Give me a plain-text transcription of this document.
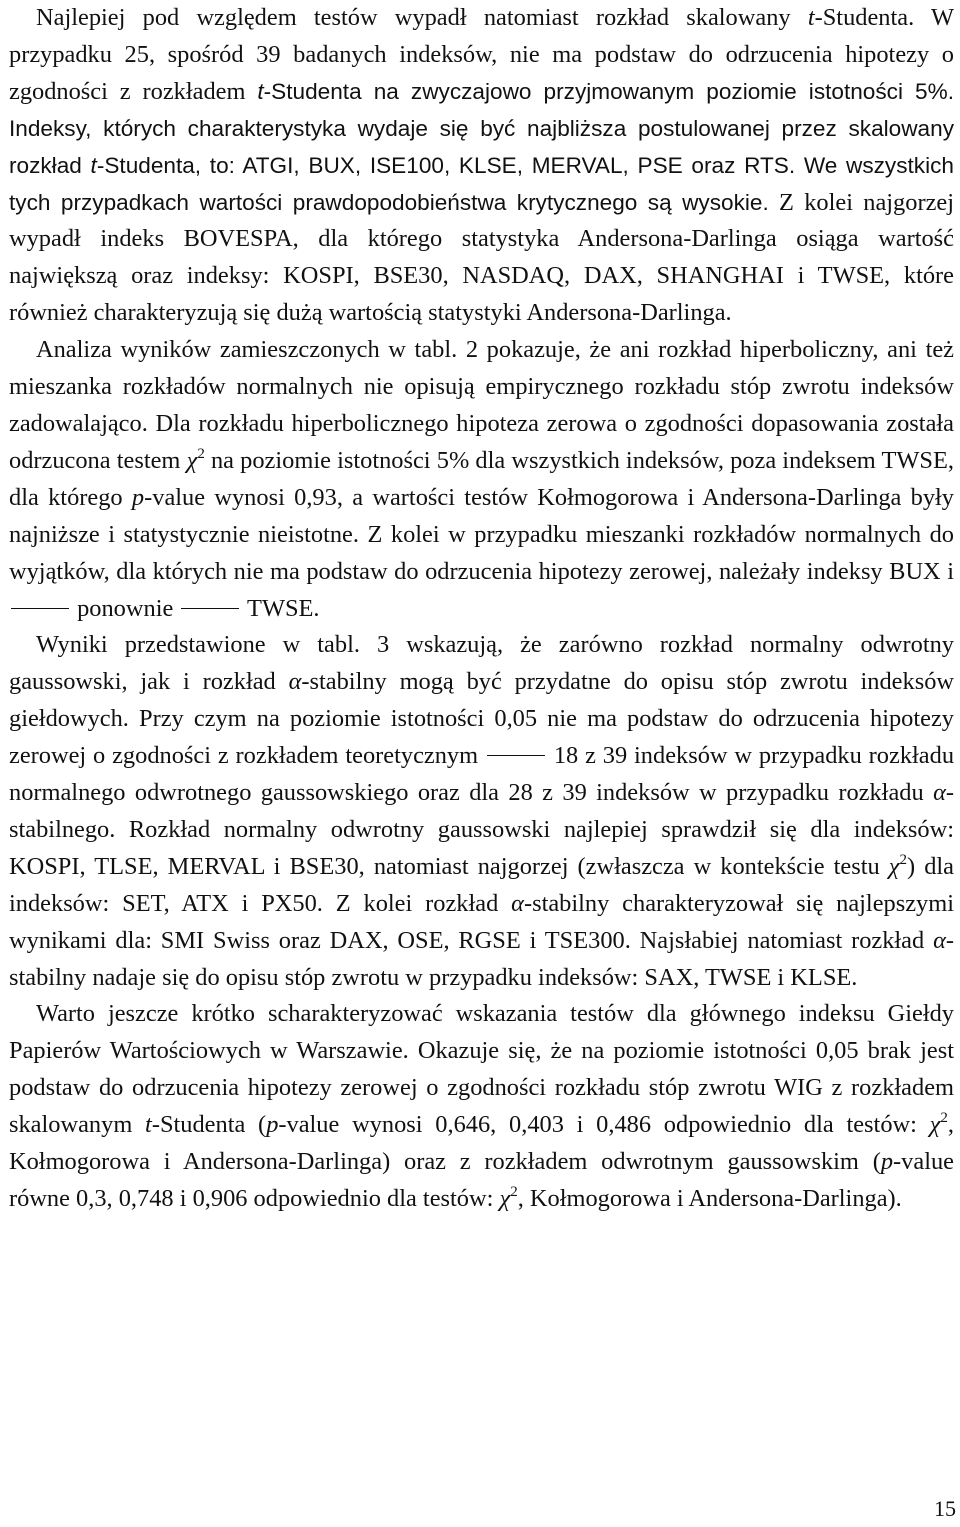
Najlepiej pod względem testów wypadł natomiast rozkład skalowany t-Studenta. W przypadku 25, spośród 39 badanych indeksów, nie ma podstaw do odrzucenia hipotezy o zgodności z rozkładem t-Studenta na zwyczajowo przyjmowanym poziomie istotności 5%. Indeksy, których charakterystyka wydaje się być najbliższa postulowanej przez skalowany rozkład t-Studenta, to: ATGI, BUX, ISE100, KLSE, MERVAL, PSE oraz RTS. We wszystkich tych przypadkach wartości prawdopodobieństwa krytycznego są wysokie. Z kolei najgorzej wypadł indeks BOVESPA, dla którego statystyka Andersona-Darlinga osiąga wartość największą oraz indeksy: KOSPI, BSE30, NASDAQ, DAX, SHANGHAI i TWSE, które również charakteryzują się dużą wartością statystyki Andersona-Darlinga.

Analiza wyników zamieszczonych w tabl. 2 pokazuje, że ani rozkład hiperboliczny, ani też mieszanka rozkładów normalnych nie opisują empirycznego rozkładu stóp zwrotu indeksów zadowalająco. Dla rozkładu hiperbolicznego hipoteza zerowa o zgodności dopasowania została odrzucona testem $\chi^2$ na poziomie istotności 5% dla wszystkich indeksów, poza indeksem TWSE, dla którego p-value wynosi 0,93, a wartości testów Kołmogorowa i Andersona-Darlinga były najniższe i statystycznie nieistotne. Z kolei w przypadku mieszanki rozkładów normalnych do wyjątków, dla których nie ma podstaw do odrzucenia hipotezy zerowej, należały indeksy BUX i  ponownie	TWSE.

Wyniki przedstawione w tabl. 3 wskazują, że zarówno rozkład normalny odwrotny gaussowski, jak i rozkład α-stabilny mogą być przydatne do opisu stóp zwrotu indeksów giełdowych. Przy czym na poziomie istotności 0,05 nie ma podstaw do odrzucenia hipotezy zerowej o zgodności z rozkładem teoretycznym	18 z 39 indeksów w przypadku rozkładu normalnego odwrotnego gaussowskiego oraz dla 28 z 39 indeksów w przypadku rozkładu α-stabilnego. Rozkład normalny odwrotny gaussowski najlepiej sprawdził się dla indeksów: KOSPI, TLSE, MERVAL i BSE30, natomiast najgorzej (zwłaszcza w kontekście testu $\chi^2$) dla indeksów: SET, ATX i PX50. Z kolei rozkład α-stabilny charakteryzował się najlepszymi wynikami dla: SMI Swiss oraz DAX, OSE, RGSE i TSE300. Najsłabiej natomiast rozkład α-stabilny nadaje się do opisu stóp zwrotu w przypadku indeksów: SAX, TWSE i KLSE.

Warto jeszcze krótko scharakteryzować wskazania testów dla głównego indeksu Giełdy Papierów Wartościowych w Warszawie. Okazuje się, że na poziomie istotności 0,05 brak jest podstaw do odrzucenia hipotezy zerowej o zgodności rozkładu stóp zwrotu WIG z rozkładem skalowanym t-Studenta (p-value wynosi 0,646, 0,403 i 0,486 odpowiednio dla testów: $\chi^2$, Kołmogorowa i Andersona-Darlinga) oraz z rozkładem odwrotnym gaussowskim (p-value równe 0,3, 0,748 i 0,906 odpowiednio dla testów: $\chi^2$, Kołmogorowa i Andersona-Darlinga).

15
